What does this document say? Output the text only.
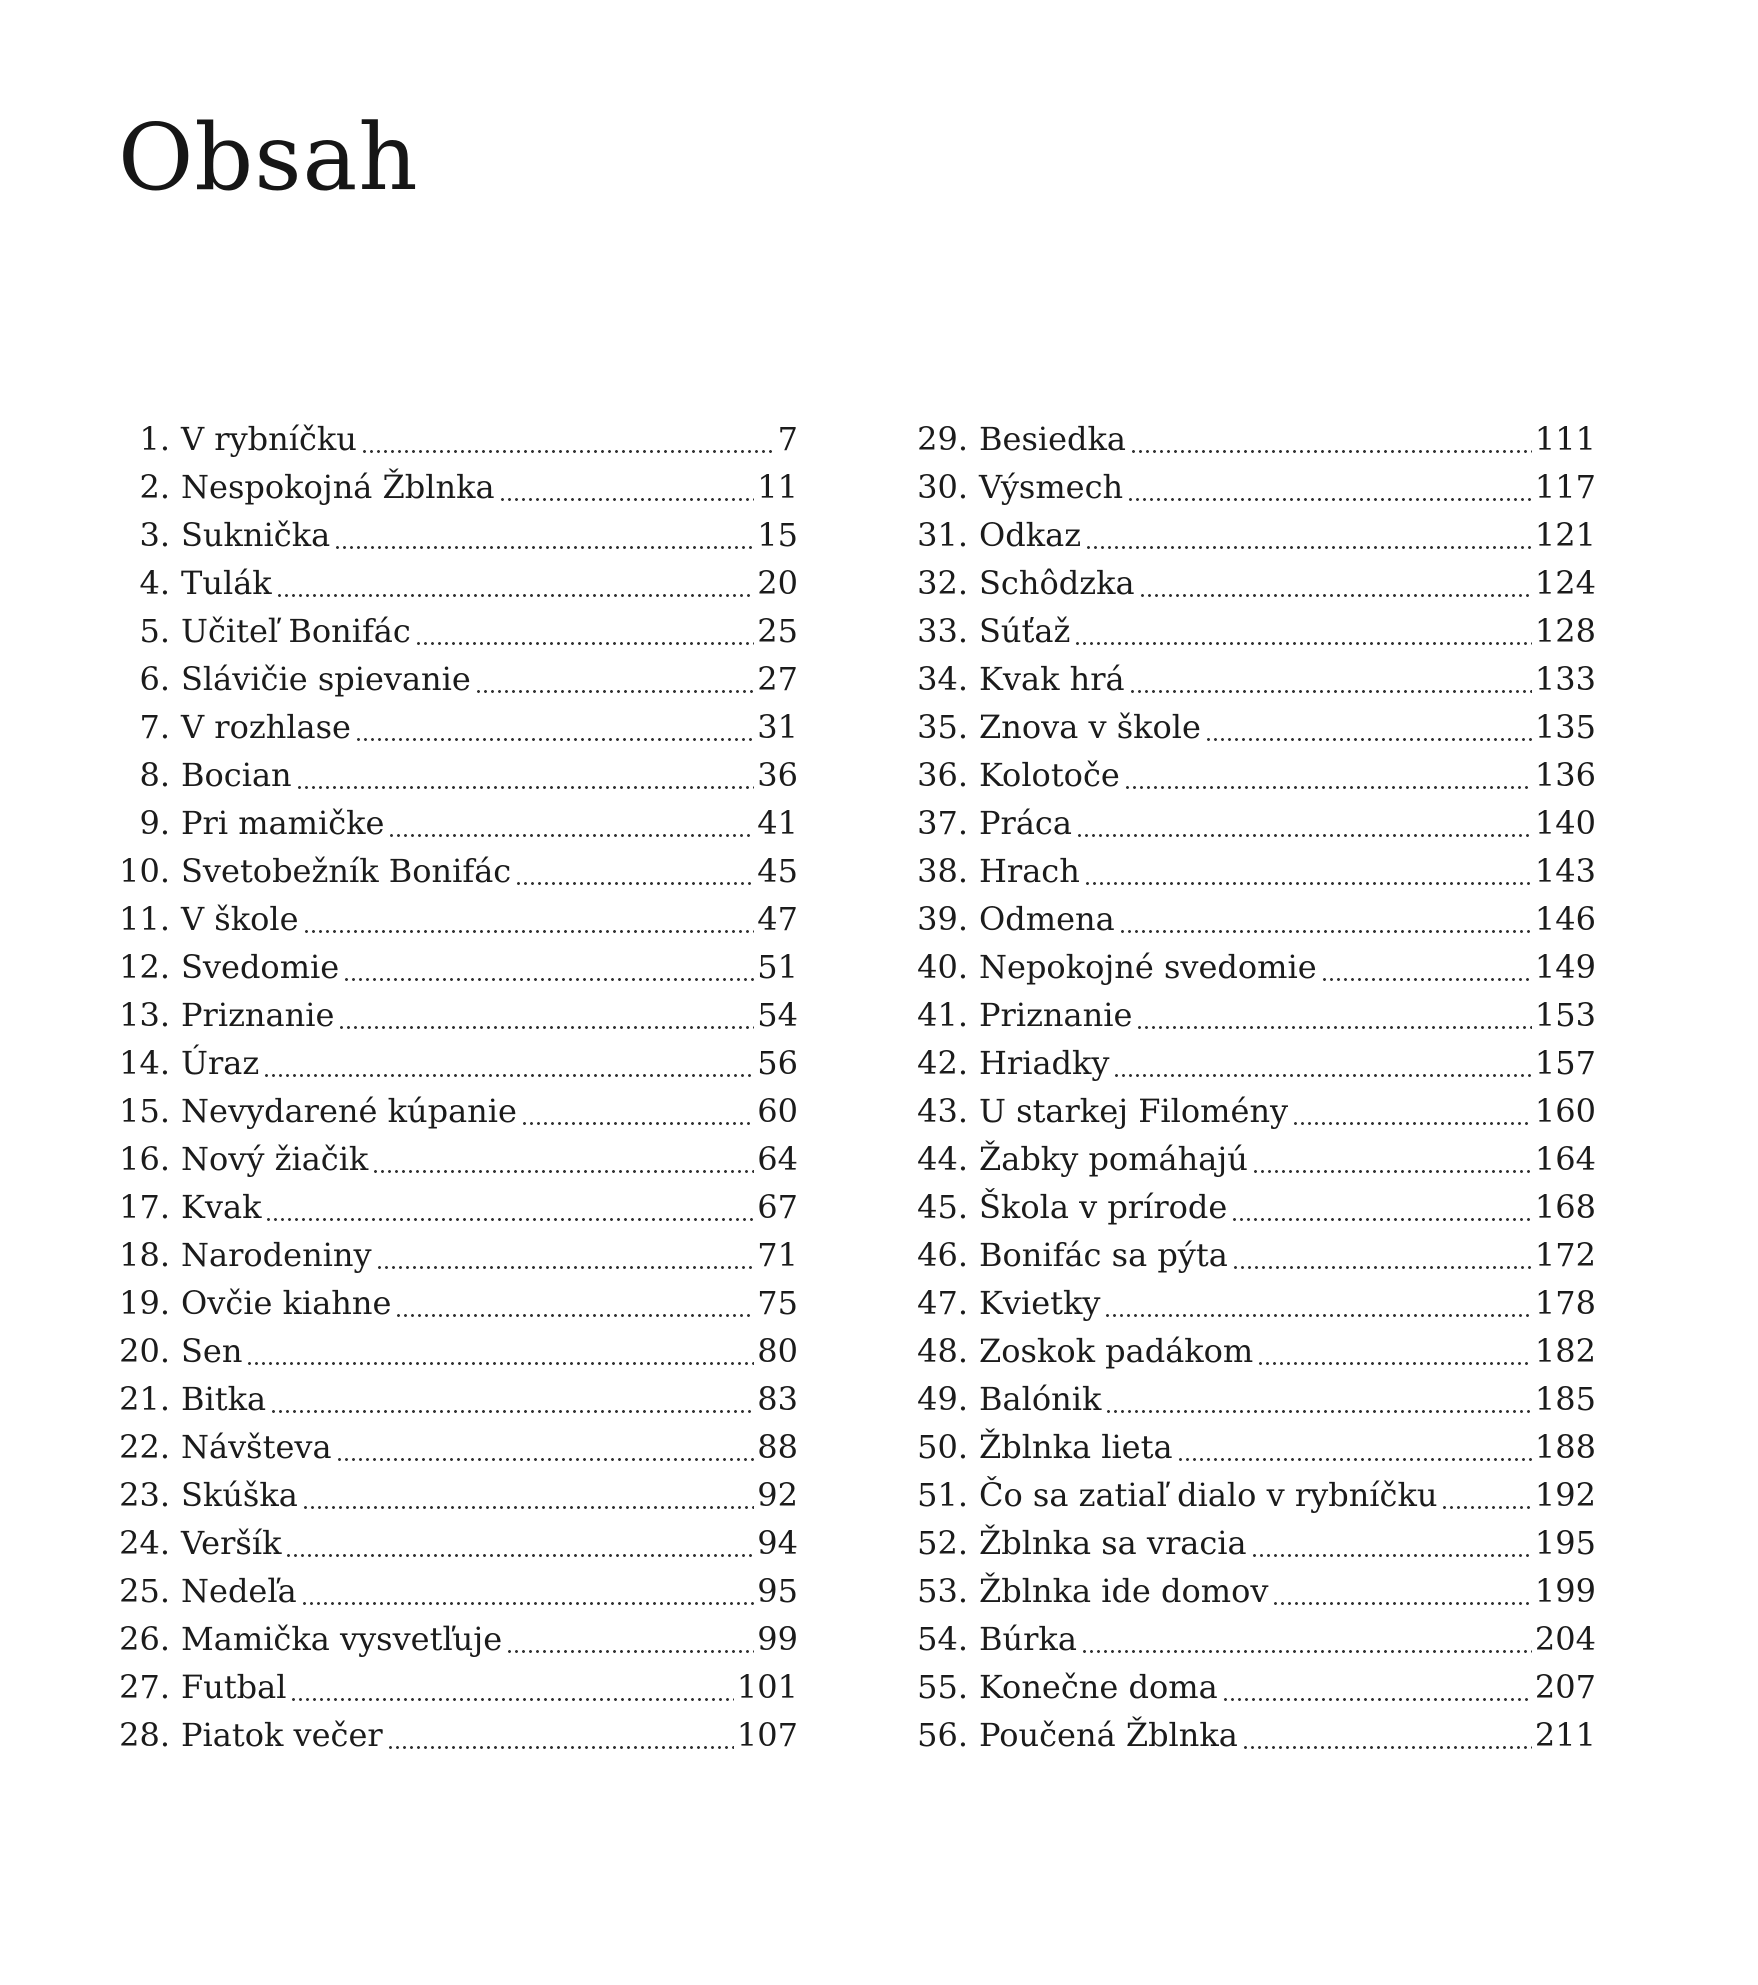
Obsah
1. V rybníčku	7
2. Nespokojná Žblnka	11
3. Suknička	15
4. Tulák	20
5. Učiteľ Bonifác	25
6. Slávičie spievanie	27
7. V rozhlase	31
8. Bocian	36
9. Pri mamičke	41
10. Svetobežník Bonifác	45
11. V škole	47
12. Svedomie	51
13. Priznanie	54
14. Úraz	56
15. Nevydarené kúpanie	60
16. Nový žiačik	64
17. Kvak	67
18. Narodeniny	71
19. Ovčie kiahne	75
20. Sen	80
21. Bitka	83
22. Návšteva	88
23. Skúška	92
24. Veršík	94
25. Nedeľa	95
26. Mamička vysvetľuje	99
27. Futbal	101
28. Piatok večer	107
29. Besiedka	111
30. Výsmech	117
31. Odkaz	121
32. Schôdzka	124
33. Súťaž	128
34. Kvak hrá	133
35. Znova v škole	135
36. Kolotoče	136
37. Práca	140
38. Hrach	143
39. Odmena	146
40. Nepokojné svedomie	149
41. Priznanie	153
42. Hriadky	157
43. U starkej Filomény	160
44. Žabky pomáhajú	164
45. Škola v prírode	168
46. Bonifác sa pýta	172
47. Kvietky	178
48. Zoskok padákom	182
49. Balónik	185
50. Žblnka lieta	188
51. Čo sa zatiaľ dialo v rybníčku	192
52. Žblnka sa vracia	195
53. Žblnka ide domov	199
54. Búrka	204
55. Konečne doma	207
56. Poučená Žblnka	211
